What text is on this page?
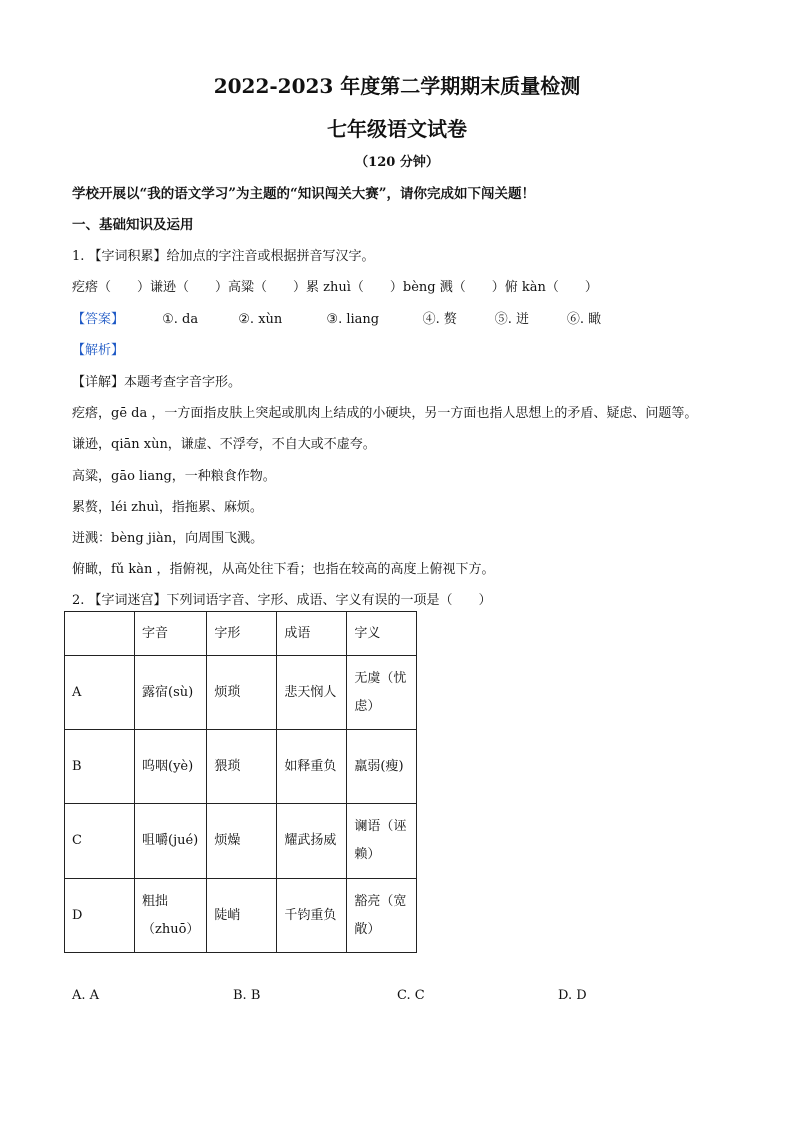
2022-2023 年度第二学期期末质量检测
七年级语文试卷
（120 分钟）
学校开展以“我的语文学习”为主题的“知识闯关大赛”，请你完成如下闯关题！
一、基础知识及运用
1. 【字词积累】给加点的字注音或根据拼音写汉字。
疙瘩（　　）谦逊（　　）高粱（　　）累 zhuì（　　）bèng 溅（　　）俯 kàn（　　）
【答案】	①. da	②. xùn	③. liang	④. 赘	⑤. 迸	⑥. 瞰
【解析】
【详解】本题考查字音字形。
疙瘩，gē da ，一方面指皮肤上突起或肌肉上结成的小硬块，另一方面也指人思想上的矛盾、疑虑、问题等。
谦逊，qiān xùn，谦虚、不浮夸，不自大或不虚夸。
高粱，gāo liang，一种粮食作物。
累赘，léi zhuì，指拖累、麻烦。
迸溅：bèng jiàn，向周围飞溅。
俯瞰，fǔ kàn ，指俯视，从高处往下看；也指在较高的高度上俯视下方。
2. 【字词迷宫】下列词语字音、字形、成语、字义有误的一项是（　　）
	字音	字形	成语	字义
A	露宿(sù)	烦琐	悲天悯人	无虞（忧虑）
B	呜咽(yè)	猥琐	如释重负	羸弱(瘦)
C	咀嚼(jué)	烦燥	耀武扬威	谰语（诬赖）
D	粗拙（zhuō）	陡峭	千钧重负	豁亮（宽敞）
A. A	B. B	C. C	D. D
